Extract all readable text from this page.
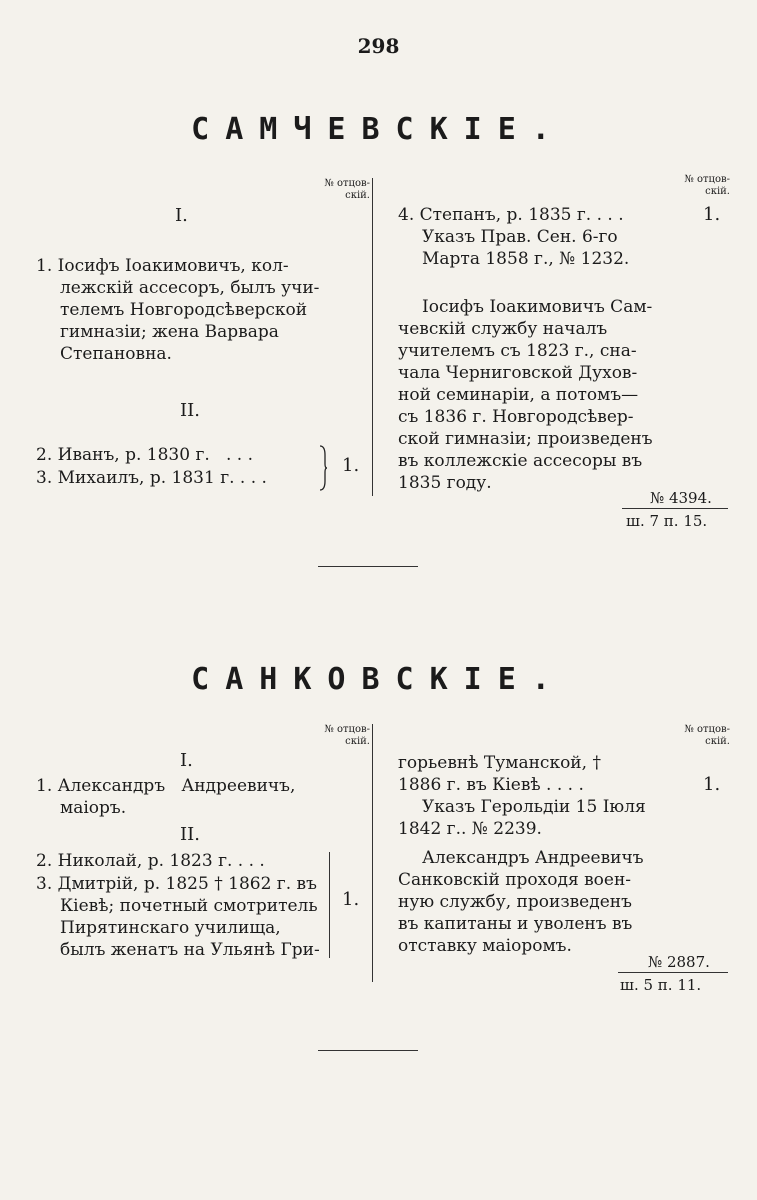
298
САМЧЕВСКІЕ.
№ отцов-
скій.
I.
1. Іосифъ Іоакимовичъ, кол-
лежскій ассесоръ, былъ учи-
телемъ Новгородсѣверской
гимназіи; жена Варвара
Степановна.
II.
2. Иванъ, р. 1830 г.   . . .
3. Михаилъ, р. 1831 г. . . .
1.
№ отцов-
скій.
4. Степанъ, р. 1835 г. . . .
Указъ Прав. Сен. 6-го
Марта 1858 г., № 1232.
1.
Іосифъ Іоакимовичъ Сам-
чевскій службу началъ
учителемъ съ 1823 г., сна-
чала Черниговской Духов-
ной семинаріи, а потомъ—
съ 1836 г. Новгородсѣвер-
ской гимназіи; произведенъ
въ коллежскіе ассесоры въ
1835 году.
№ 4394.
ш. 7 п. 15.
САНКОВСКІЕ.
№ отцов-
скій.
I.
1. Александръ   Андреевичъ,
маіоръ.
II.
2. Николай, р. 1823 г. . . .
3. Дмитрій, р. 1825 † 1862 г. въ
Кіевѣ; почетный смотритель
Пирятинскаго училища,
былъ женатъ на Ульянѣ Гри-
1.
№ отцов-
скій.
горьевнѣ Туманской, †
1886 г. въ Кіевѣ . . . .
Указъ Герольдіи 15 Іюля
1842 г.. № 2239.
1.
Александръ Андреевичъ
Санковскій проходя воен-
ную службу, произведенъ
въ капитаны и уволенъ въ
отставку маіоромъ.
№ 2887.
ш. 5 п. 11.
